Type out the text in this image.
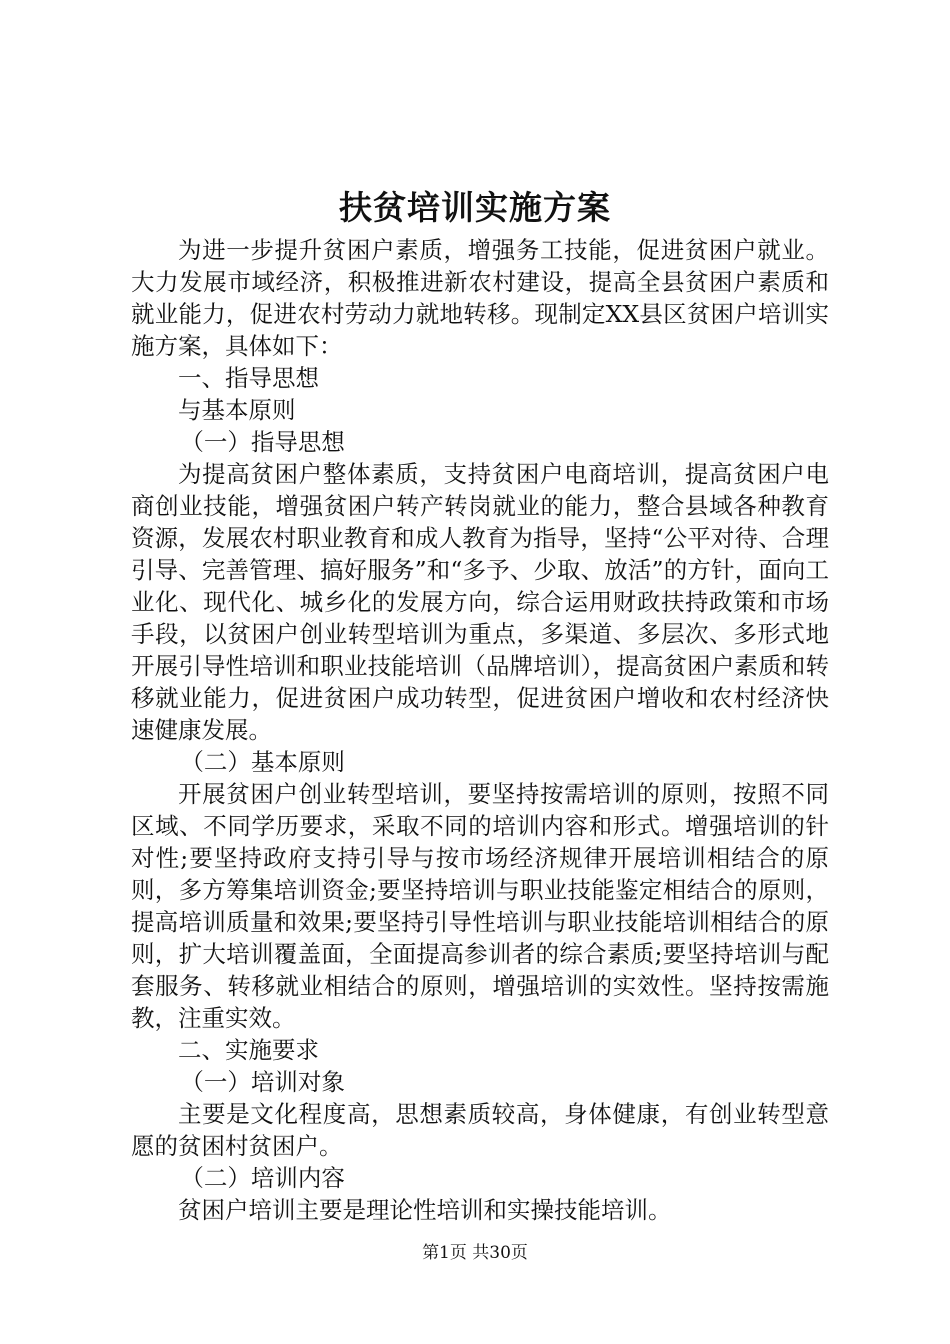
扶贫培训实施方案

为进一步提升贫困户素质，增强务工技能，促进贫困户就业。大力发展市域经济，积极推进新农村建设，提高全县贫困户素质和就业能力，促进农村劳动力就地转移。现制定XX县区贫困户培训实施方案，具体如下：

一、指导思想

与基本原则

（一）指导思想

为提高贫困户整体素质，支持贫困户电商培训，提高贫困户电商创业技能，增强贫困户转产转岗就业的能力，整合县域各种教育资源，发展农村职业教育和成人教育为指导，坚持“公平对待、合理引导、完善管理、搞好服务”和“多予、少取、放活”的方针，面向工业化、现代化、城乡化的发展方向，综合运用财政扶持政策和市场手段，以贫困户创业转型培训为重点，多渠道、多层次、多形式地开展引导性培训和职业技能培训（品牌培训），提高贫困户素质和转移就业能力，促进贫困户成功转型，促进贫困户增收和农村经济快速健康发展。

（二）基本原则

开展贫困户创业转型培训，要坚持按需培训的原则，按照不同区域、不同学历要求，采取不同的培训内容和形式。增强培训的针对性;要坚持政府支持引导与按市场经济规律开展培训相结合的原则，多方筹集培训资金;要坚持培训与职业技能鉴定相结合的原则，提高培训质量和效果;要坚持引导性培训与职业技能培训相结合的原则，扩大培训覆盖面，全面提高参训者的综合素质;要坚持培训与配套服务、转移就业相结合的原则，增强培训的实效性。坚持按需施教，注重实效。

二、实施要求

（一）培训对象

主要是文化程度高，思想素质较高，身体健康，有创业转型意愿的贫困村贫困户。

（二）培训内容

贫困户培训主要是理论性培训和实操技能培训。

第1页 共30页
